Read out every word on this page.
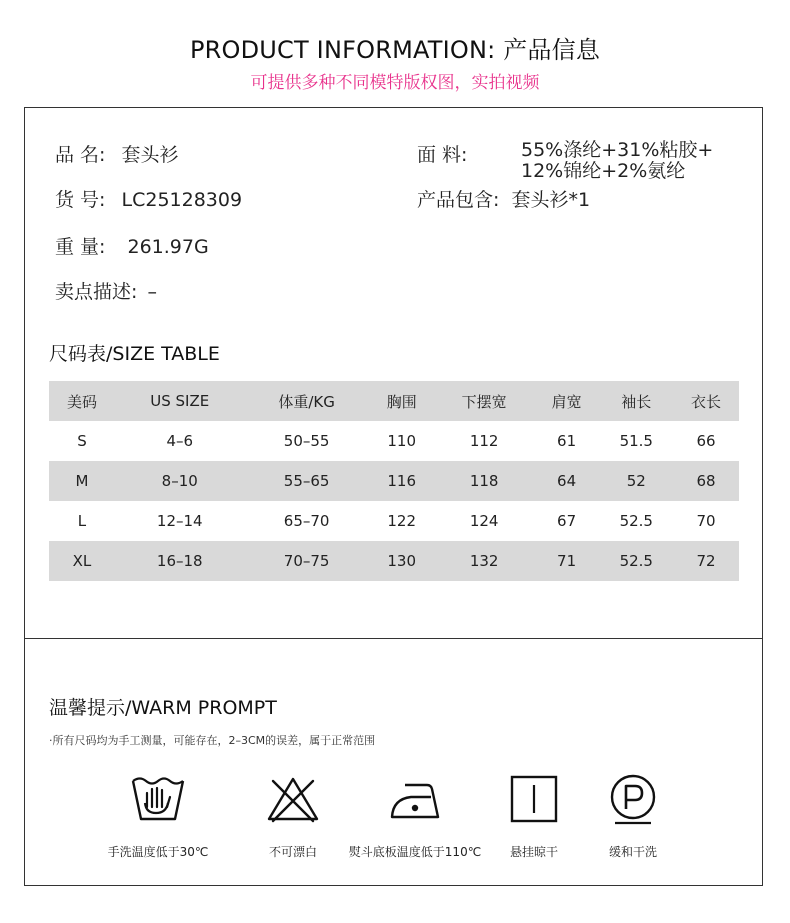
PRODUCT INFORMATION: 产品信息
可提供多种不同模特版权图，实拍视频
品 名: 套头衫
货 号: LC25128309
重 量: 261.97G
卖点描述: –
面 料:	55%涤纶+31%粘胶+
12%锦纶+2%氨纶
产品包含: 套头衫*1
尺码表/SIZE TABLE
美码	US SIZE	体重/KG	胸围	下摆宽	肩宽	袖长	衣长
S	4–6	50–55	110	112	61	51.5	66
M	8–10	55–65	116	118	64	52	68
L	12–14	65–70	122	124	67	52.5	70
XL	16–18	70–75	130	132	71	52.5	72
温馨提示/WARM PROMPT
·所有尺码均为手工测量，可能存在，2–3CM的误差，属于正常范围
手洗温度低于30℃	不可漂白	熨斗底板温度低于110℃	悬挂晾干	缓和干洗
